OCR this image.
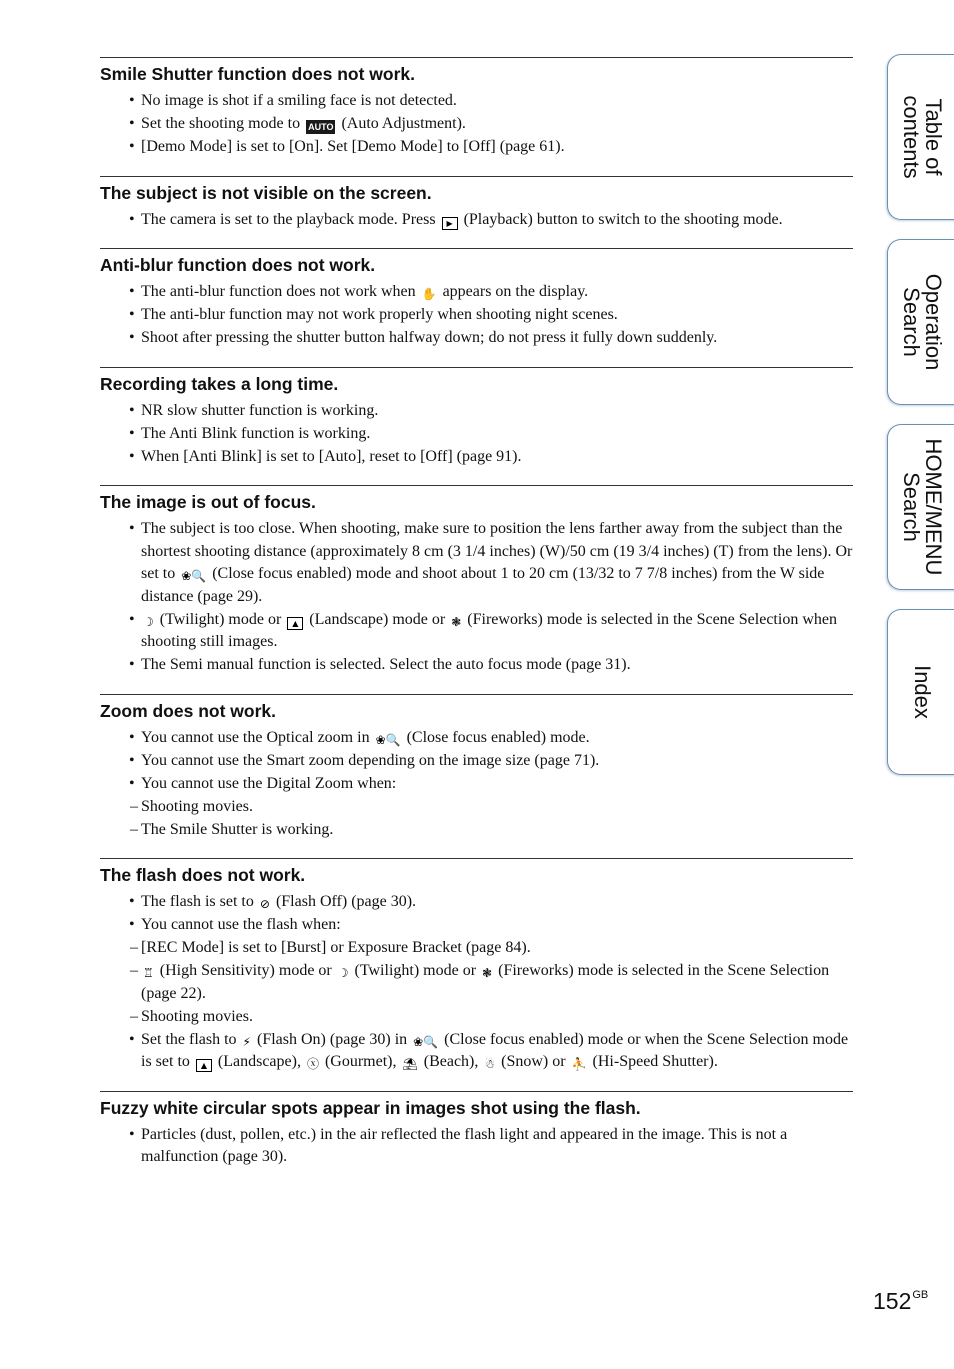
Smile Shutter function does not work.
• No image is shot if a smiling face is not detected.
• Set the shooting mode to AUTO (Auto Adjustment).
• [Demo Mode] is set to [On]. Set [Demo Mode] to [Off] (page 61).
The subject is not visible on the screen.
• The camera is set to the playback mode. Press ▶ (Playback) button to switch to the shooting mode.
Anti-blur function does not work.
• The anti-blur function does not work when ✋ appears on the display.
• The anti-blur function may not work properly when shooting night scenes.
• Shoot after pressing the shutter button halfway down; do not press it fully down suddenly.
Recording takes a long time.
• NR slow shutter function is working.
• The Anti Blink function is working.
• When [Anti Blink] is set to [Auto], reset to [Off] (page 91).
The image is out of focus.
• The subject is too close. When shooting, make sure to position the lens farther away from the subject than the shortest shooting distance (approximately 8 cm (3 1/4 inches) (W)/50 cm (19 3/4 inches) (T) from the lens). Or set to ❀🔍 (Close focus enabled) mode and shoot about 1 to 20 cm (13/32 to 7 7/8 inches) from the W side distance (page 29).
• ☽ (Twilight) mode or ▲ (Landscape) mode or ❃ (Fireworks) mode is selected in the Scene Selection when shooting still images.
• The Semi manual function is selected. Select the auto focus mode (page 31).
Zoom does not work.
• You cannot use the Optical zoom in ❀🔍 (Close focus enabled) mode.
• You cannot use the Smart zoom depending on the image size (page 71).
• You cannot use the Digital Zoom when:
– Shooting movies.
– The Smile Shutter is working.
The flash does not work.
• The flash is set to ⊘ (Flash Off) (page 30).
• You cannot use the flash when:
– [REC Mode] is set to [Burst] or Exposure Bracket (page 84).
– ♖ (High Sensitivity) mode or ☽ (Twilight) mode or ❃ (Fireworks) mode is selected in the Scene Selection (page 22).
– Shooting movies.
• Set the flash to ⚡ (Flash On) (page 30) in ❀🔍 (Close focus enabled) mode or when the Scene Selection mode is set to ▲ (Landscape), ⓧ (Gourmet), ⛱ (Beach), ☃ (Snow) or ⛹ (Hi-Speed Shutter).
Fuzzy white circular spots appear in images shot using the flash.
• Particles (dust, pollen, etc.) in the air reflected the flash light and appeared in the image. This is not a malfunction (page 30).
Table of
contents
Operation
Search
HOME/MENU
Search
Index
$152^{GB}$
